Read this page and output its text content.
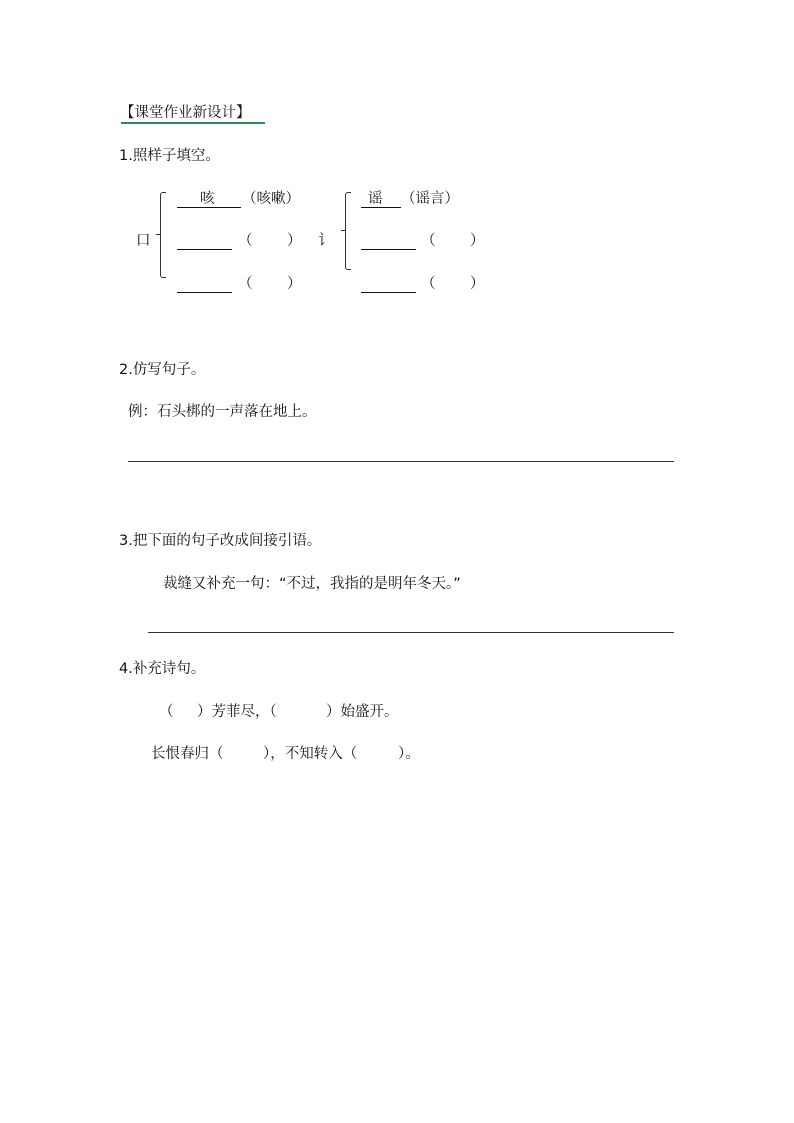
【课堂作业新设计】
1.照样子填空。
口
咳 （咳嗽）
（ ）
（ ）
讠
谣 （谣言）
（ ）
（ ）
2.仿写句子。
例：石头梆的一声落在地上。
3.把下面的句子改成间接引语。
裁缝又补充一句：“不过，我指的是明年冬天。”
4.补充诗句。
（ ）芳菲尽，（	）始盛开。
长恨春归（	），不知转入（	）。
